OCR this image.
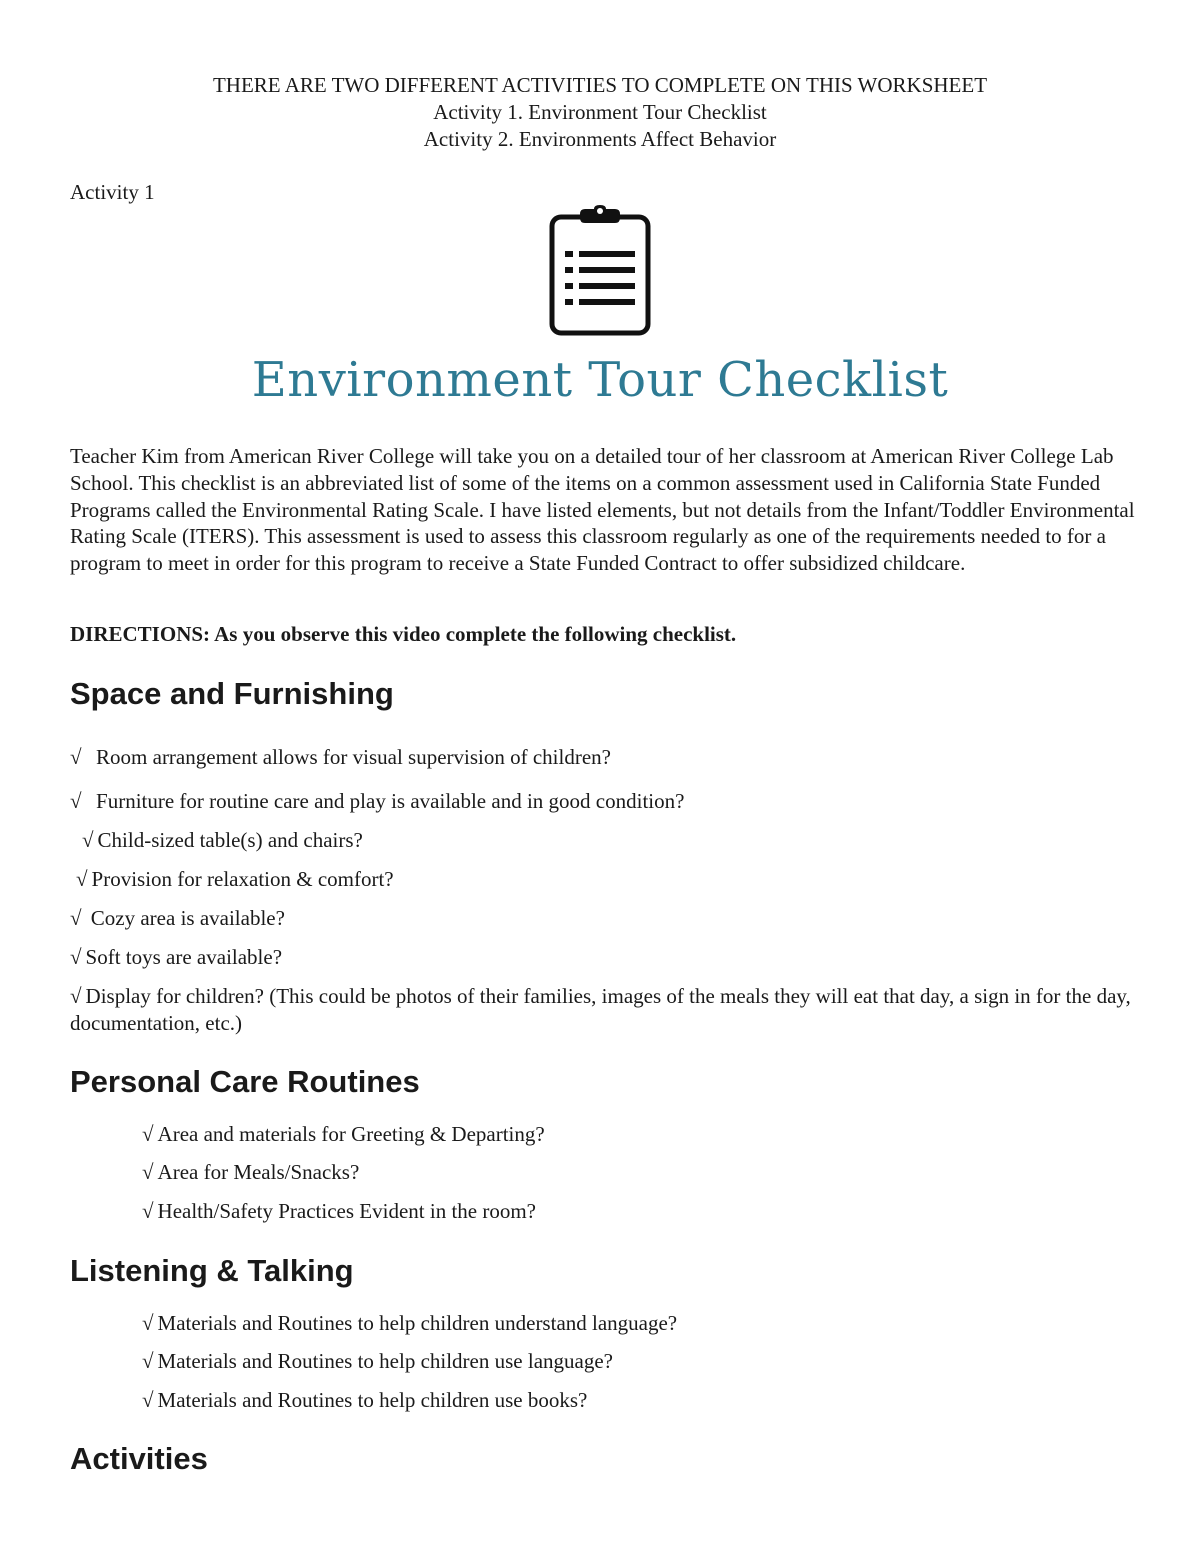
THERE ARE TWO DIFFERENT ACTIVITIES TO COMPLETE ON THIS WORKSHEET
Activity 1. Environment Tour Checklist
Activity 2. Environments Affect Behavior
Activity 1
Environment Tour Checklist

Teacher Kim from American River College will take you on a detailed tour of her classroom at American River College Lab School. This checklist is an abbreviated list of some of the items on a common assessment used in California State Funded Programs called the Environmental Rating Scale. I have listed elements, but not details from the Infant/Toddler Environmental Rating Scale (ITERS). This assessment is used to assess this classroom regularly as one of the requirements needed to for a program to meet in order for this program to receive a State Funded Contract to offer subsidized childcare.

DIRECTIONS: As you observe this video complete the following checklist.
Space and Furnishing
√ Room arrangement allows for visual supervision of children?
√ Furniture for routine care and play is available and in good condition?
√ Child-sized table(s) and chairs?
√ Provision for relaxation & comfort?
√ Cozy area is available?
√ Soft toys are available?
√ Display for children? (This could be photos of their families, images of the meals they will eat that day, a sign in for the day, documentation, etc.)
Personal Care Routines
√ Area and materials for Greeting & Departing?
√ Area for Meals/Snacks?
√ Health/Safety Practices Evident in the room?
Listening & Talking
√ Materials and Routines to help children understand language?
√ Materials and Routines to help children use language?
√ Materials and Routines to help children use books?
Activities
